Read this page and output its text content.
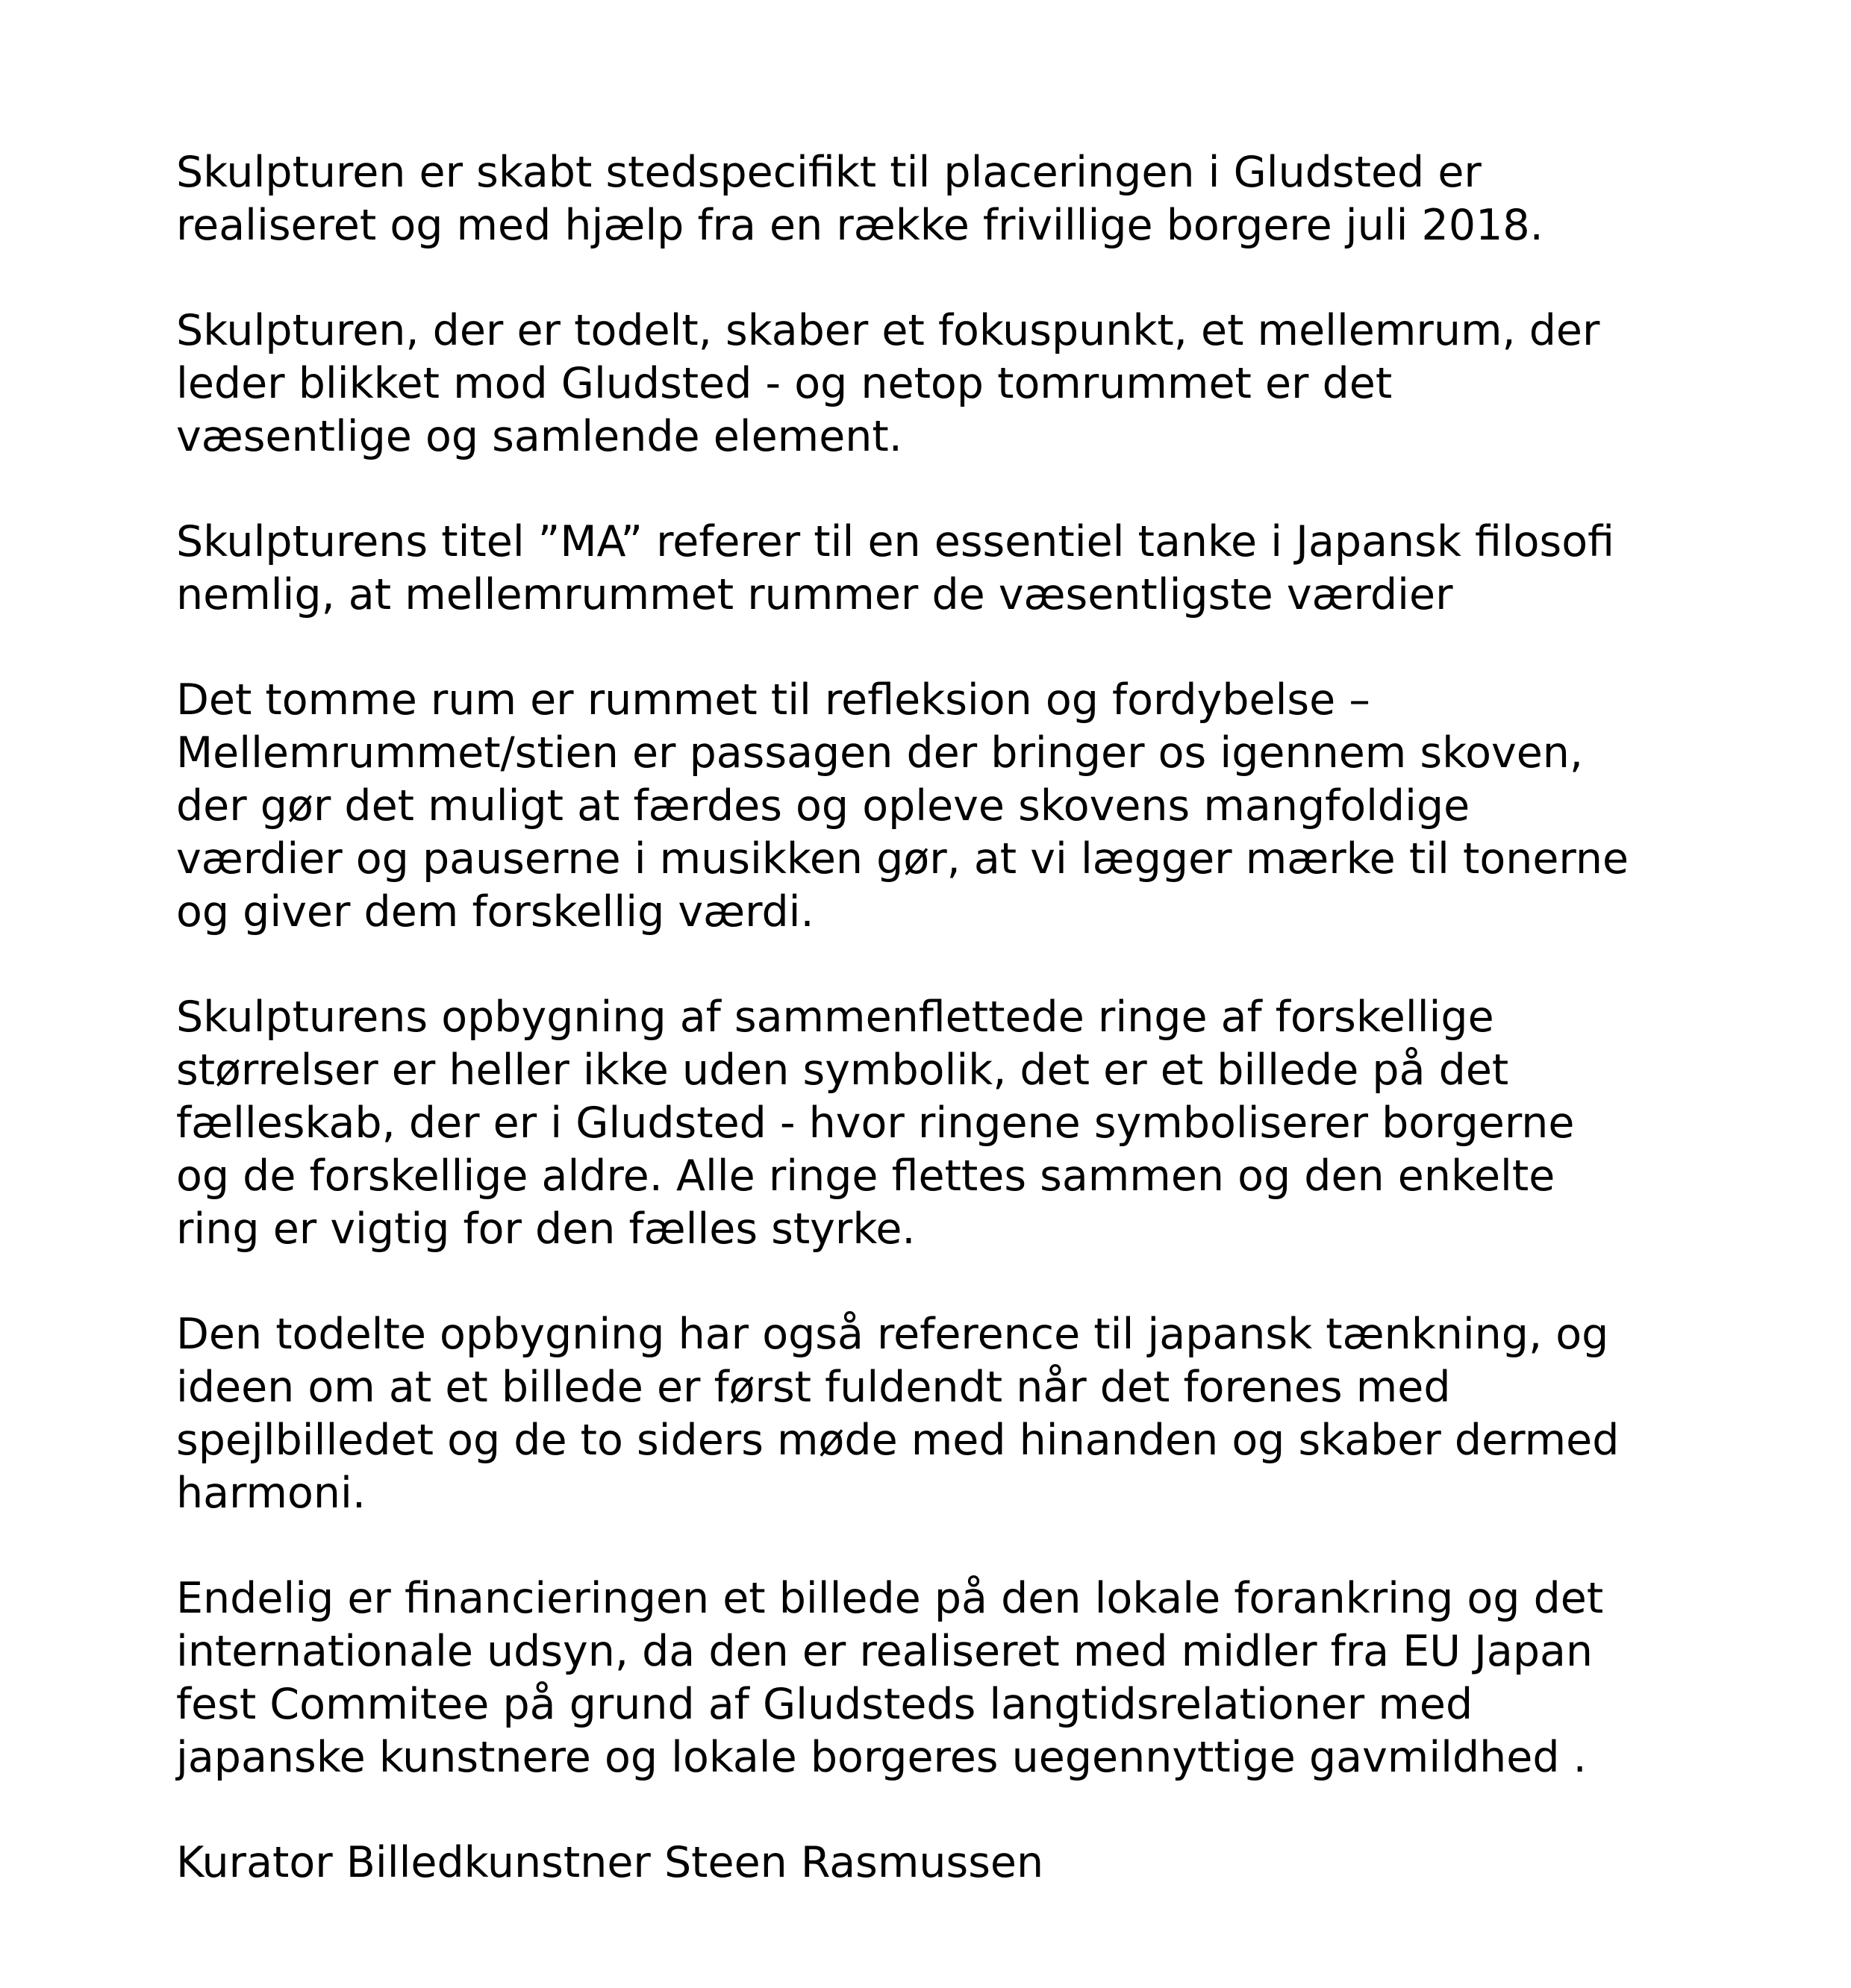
Skulpturen er skabt stedspecifikt til placeringen i Gludsted er
realiseret og med hjælp fra en række frivillige borgere juli 2018.

Skulpturen, der er todelt, skaber et fokuspunkt, et mellemrum, der
leder blikket mod Gludsted - og netop tomrummet er det
væsentlige og samlende element.

Skulpturens titel ”MA” referer til en essentiel tanke i Japansk filosofi
nemlig, at mellemrummet rummer de væsentligste værdier

Det tomme rum er rummet til refleksion og fordybelse –
Mellemrummet/stien er passagen der bringer os igennem skoven,
der gør det muligt at færdes og opleve skovens mangfoldige
værdier og pauserne i musikken gør, at vi lægger mærke til tonerne
og giver dem forskellig værdi.

Skulpturens opbygning af sammenflettede ringe af forskellige
størrelser er heller ikke uden symbolik, det er et billede på det
fælleskab, der er i Gludsted - hvor ringene symboliserer borgerne
og de forskellige aldre. Alle ringe flettes sammen og den enkelte
ring er vigtig for den fælles styrke.

Den todelte opbygning har også reference til japansk tænkning, og
ideen om at et billede er først fuldendt når det forenes med
spejlbilledet og de to siders møde med hinanden og skaber dermed
harmoni.

Endelig er financieringen et billede på den lokale forankring og det
internationale udsyn, da den er realiseret med midler fra EU Japan
fest Commitee på grund af Gludsteds langtidsrelationer med
japanske kunstnere og lokale borgeres uegennyttige gavmildhed .

Kurator Billedkunstner Steen Rasmussen
